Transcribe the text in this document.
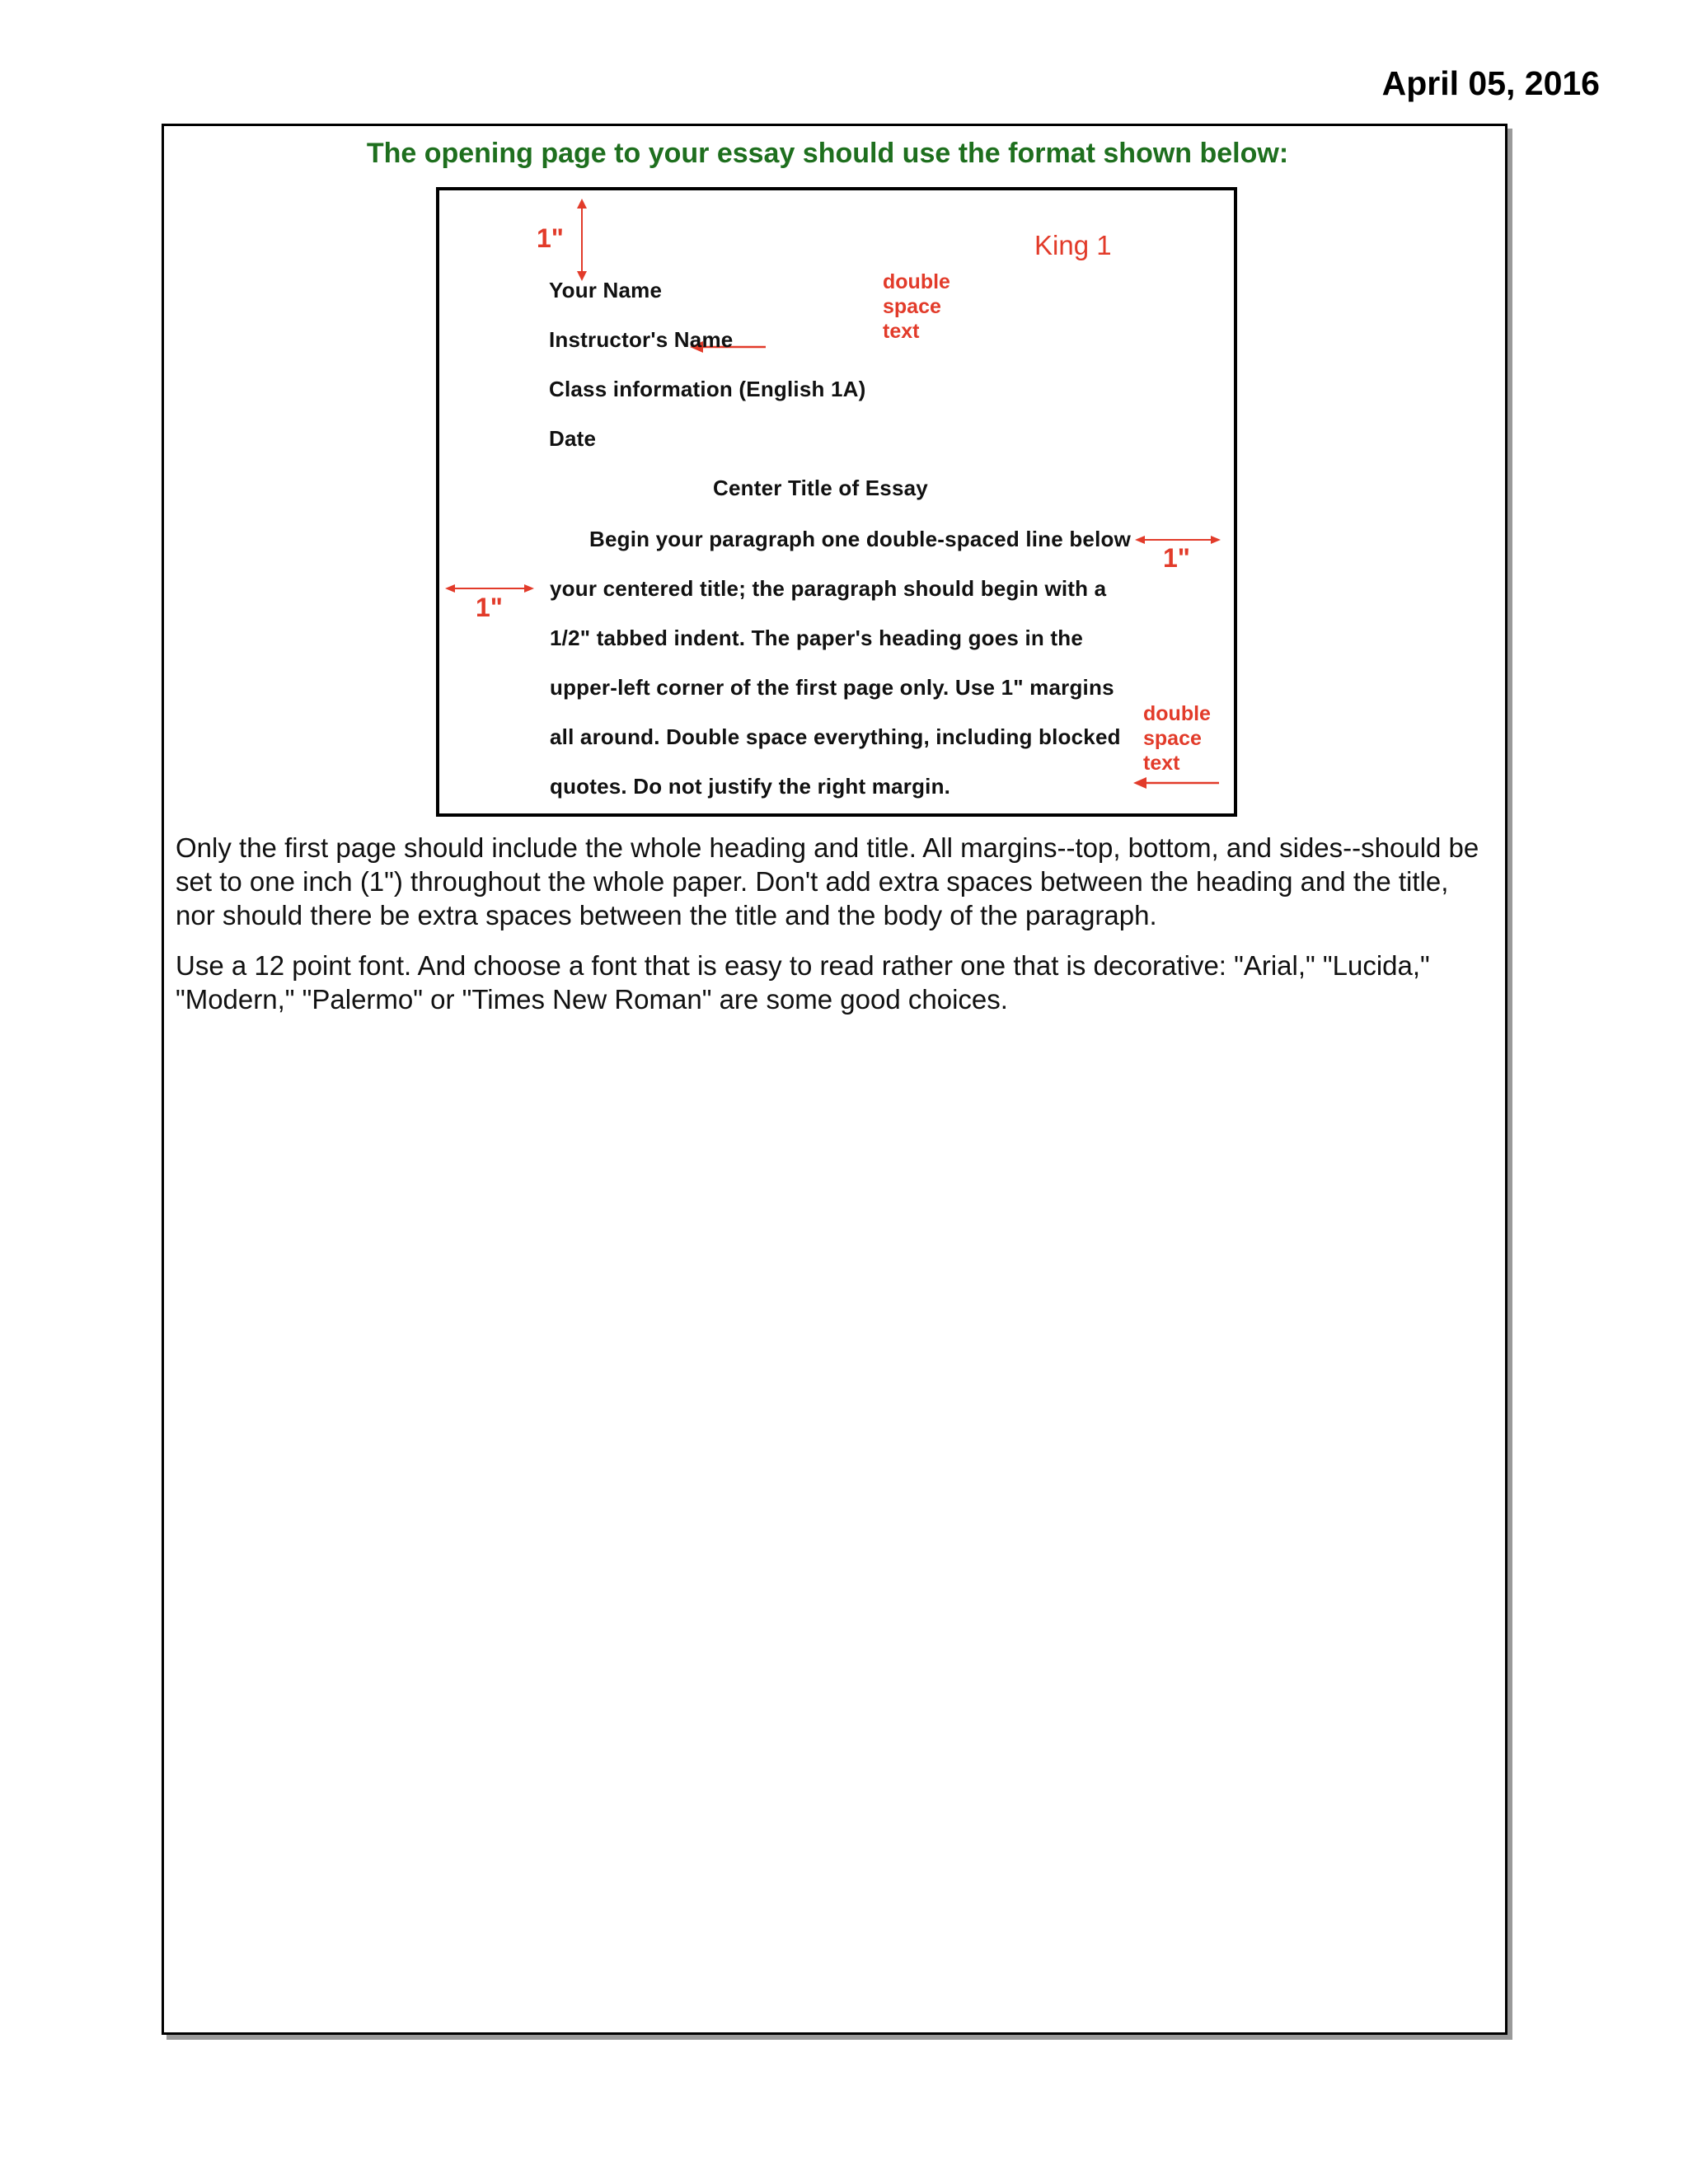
April 05, 2016
The opening page to your essay should use the format shown below:
1"	King 1
Your Name
Instructor's Name
Class information (English 1A)
Date
double
space
text
Center Title of Essay
Begin your paragraph one double-spaced line below
your centered title; the paragraph should begin with a
1/2" tabbed indent. The paper's heading goes in the
upper-left corner of the first page only. Use 1" margins
all around. Double space everything, including blocked
quotes. Do not justify the right margin.
1"
1"
double
space
text

Only the first page should include the whole heading and title. All margins--top, bottom, and sides--should be set to one inch (1") throughout the whole paper. Don't add extra spaces between the heading and the title, nor should there be extra spaces between the title and the body of the paragraph.

Use a 12 point font. And choose a font that is easy to read rather one that is decorative: "Arial," "Lucida," "Modern," "Palermo" or "Times New Roman" are some good choices.
